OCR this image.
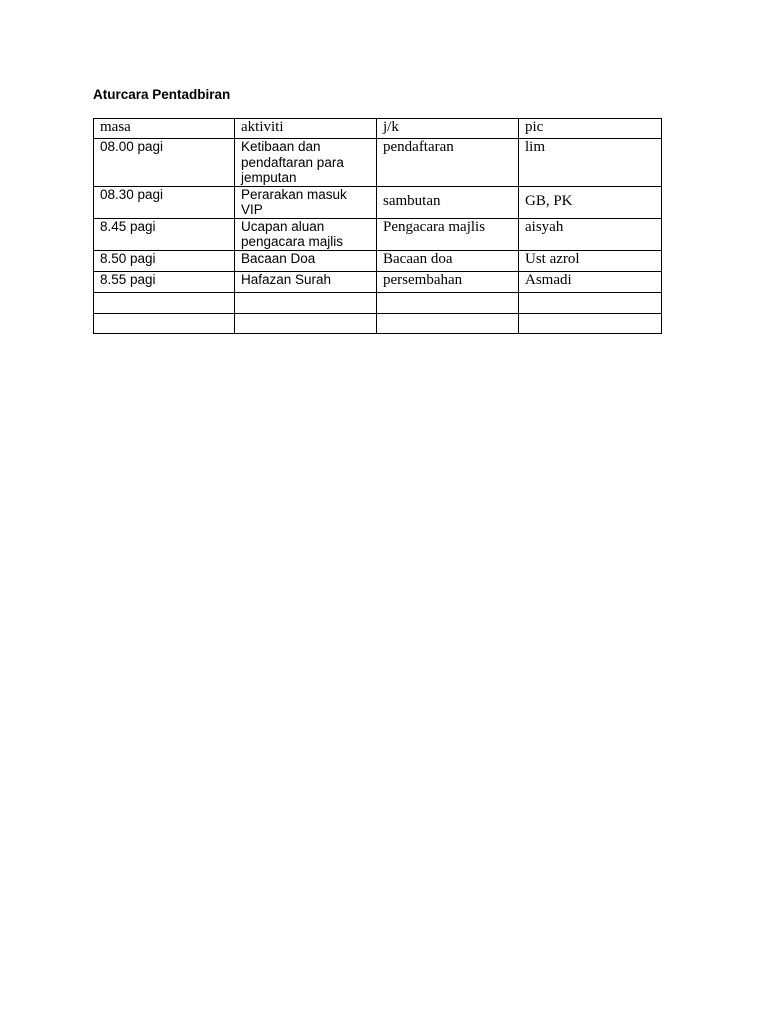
Aturcara Pentadbiran
masa	aktiviti	j/k	pic
08.00 pagi	Ketibaan dan pendaftaran para jemputan	pendaftaran	lim
08.30 pagi	Perarakan masuk VIP	sambutan	GB, PK

8.45 pagi	Ucapan aluan pengacara majlis	Pengacara majlis	aisyah
8.50 pagi	Bacaan Doa	Bacaan doa	Ust azrol
8.55 pagi	Hafazan Surah	persembahan	Asmadi
